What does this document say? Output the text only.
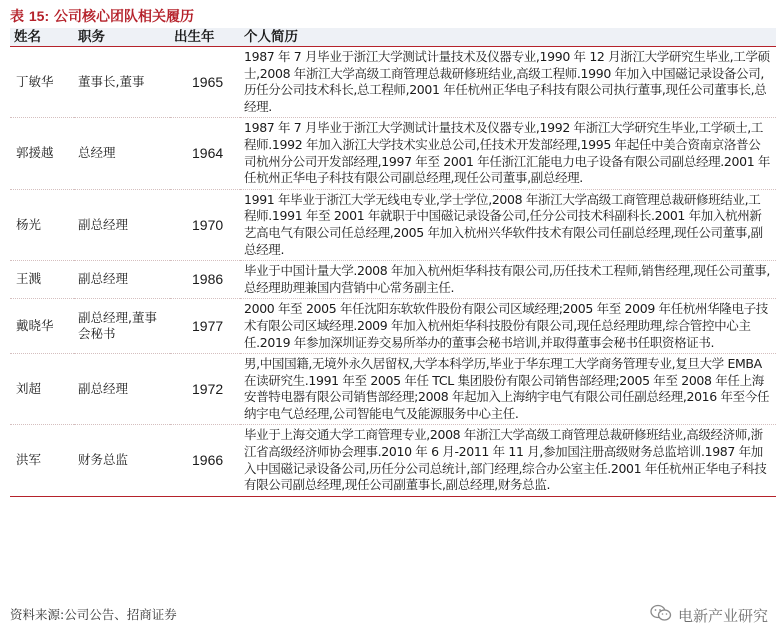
表 15: 公司核心团队相关履历
姓名	职务	出生年	个人简历
丁敏华	董事长,董事	1965	1987 年 7 月毕业于浙江大学测试计量技术及仪器专业,1990 年 12 月浙江大学研究生毕业,工学硕士,2008 年浙江大学高级工商管理总裁研修班结业,高级工程师.1990 年加入中国磁记录设备公司,历任分公司技术科长,总工程师,2001 年任杭州正华电子科技有限公司执行董事,现任公司董事长,总经理.
郭援越	总经理	1964	1987 年 7 月毕业于浙江大学测试计量技术及仪器专业,1992 年浙江大学研究生毕业,工学硕士,工程师.1992 年加入浙江大学技术实业总公司,任技术开发部经理,1995 年起任中美合资南京洛普公司杭州分公司开发部经理,1997 年至 2001 年任浙江汇能电力电子设备有限公司副总经理.2001 年任杭州正华电子科技有限公司副总经理,现任公司董事,副总经理.
杨光	副总经理	1970	1991 年毕业于浙江大学无线电专业,学士学位,2008 年浙江大学高级工商管理总裁研修班结业,工程师.1991 年至 2001 年就职于中国磁记录设备公司,任分公司技术科副科长.2001 年加入杭州新艺高电气有限公司任总经理,2005 年加入杭州兴华软件技术有限公司任副总经理,现任公司董事,副总经理.
王溅	副总经理	1986	毕业于中国计量大学.2008 年加入杭州炬华科技有限公司,历任技术工程师,销售经理,现任公司董事,总经理助理兼国内营销中心常务副主任.
戴晓华	副总经理,董事会秘书	1977	2000 年至 2005 年任沈阳东软软件股份有限公司区域经理;2005 年至 2009 年任杭州华隆电子技术有限公司区域经理.2009 年加入杭州炬华科技股份有限公司,现任总经理助理,综合管控中心主任.2019 年参加深圳证券交易所举办的董事会秘书培训,并取得董事会秘书任职资格证书.
刘超	副总经理	1972	男,中国国籍,无境外永久居留权,大学本科学历,毕业于华东理工大学商务管理专业,复旦大学 EMBA 在读研究生.1991 年至 2005 年任 TCL 集团股份有限公司销售部经理;2005 年至 2008 年任上海安普特电器有限公司销售部经理;2008 年起加入上海纳宇电气有限公司任副总经理,2016 年至今任纳宇电气总经理,公司智能电气及能源服务中心主任.
洪军	财务总监	1966	毕业于上海交通大学工商管理专业,2008 年浙江大学高级工商管理总裁研修班结业,高级经济师,浙江省高级经济师协会理事.2010 年 6 月-2011 年 11 月,参加国注册高级财务总监培训.1987 年加入中国磁记录设备公司,历任分公司总统计,部门经理,综合办公室主任.2001 年任杭州正华电子科技有限公司副总经理,现任公司副董事长,副总经理,财务总监.
资料来源:公司公告、招商证券	电新产业研究
